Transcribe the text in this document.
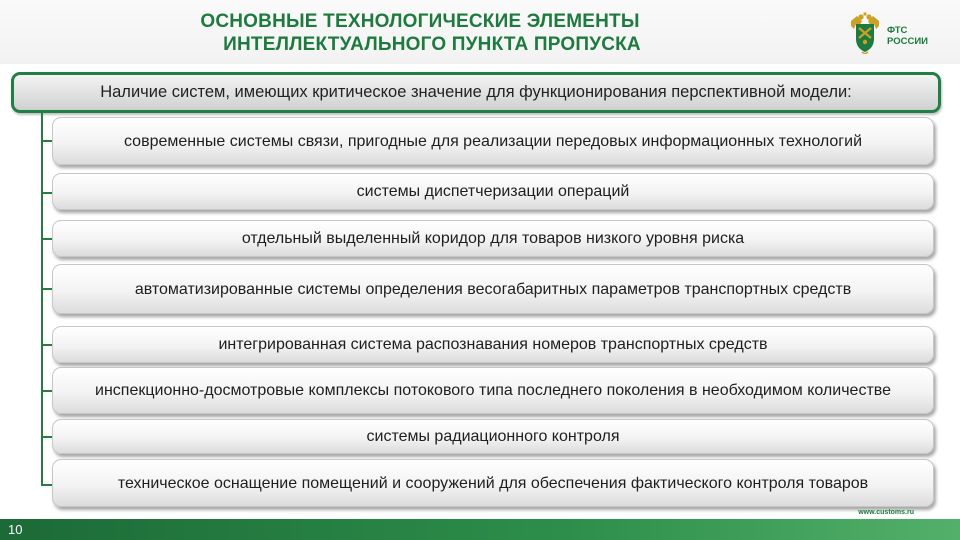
ОСНОВНЫЕ ТЕХНОЛОГИЧЕСКИЕ ЭЛЕМЕНТЫ
ИНТЕЛЛЕКТУАЛЬНОГО ПУНКТА ПРОПУСКА
ФТС
РОССИИ
Наличие систем, имеющих критическое значение для функционирования перспективной модели:
современные системы связи, пригодные для реализации передовых информационных технологий
системы диспетчеризации операций
отдельный выделенный коридор для товаров низкого уровня риска
автоматизированные системы определения весогабаритных параметров транспортных средств
интегрированная система распознавания номеров транспортных средств
инспекционно-досмотровые комплексы потокового типа последнего поколения в необходимом количестве
системы радиационного контроля
техническое оснащение помещений и сооружений для обеспечения фактического контроля товаров
www.customs.ru
10
